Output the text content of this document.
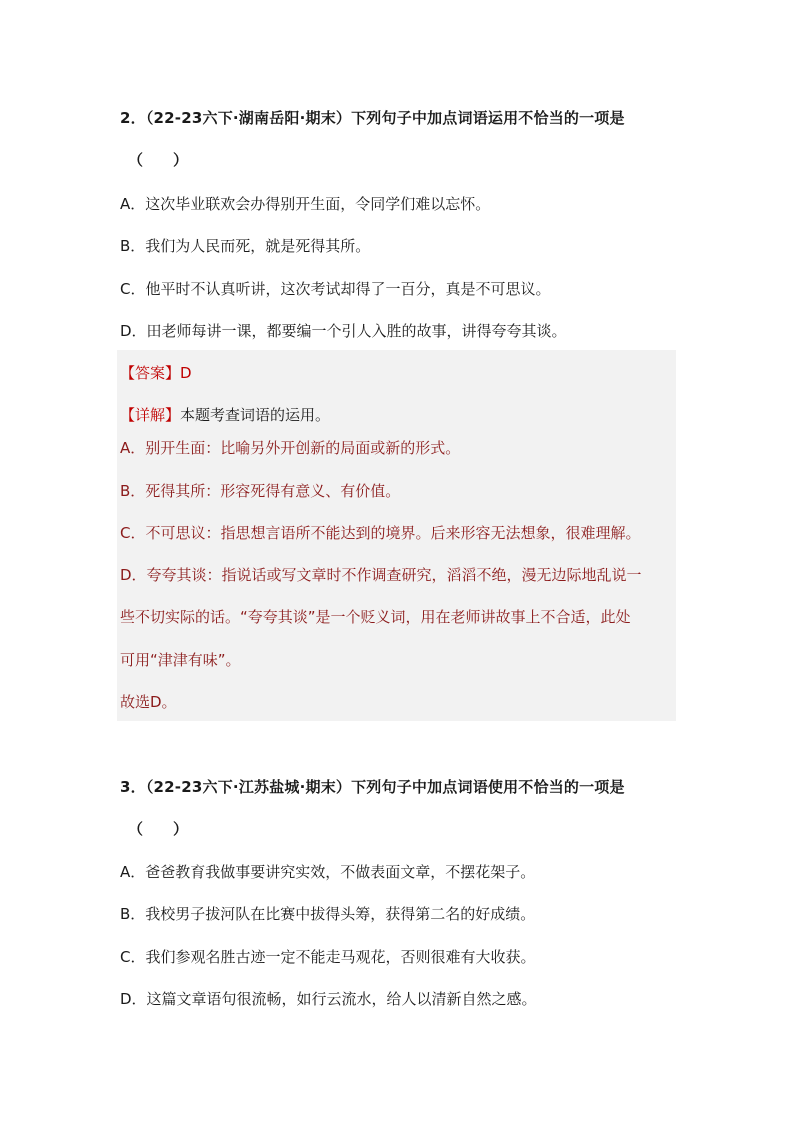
2．（22-23六下·湖南岳阳·期末）下列句子中加点词语运用不恰当的一项是
（　　）
A．这次毕业联欢会办得别开生面，令同学们难以忘怀。
B．我们为人民而死，就是死得其所。
C．他平时不认真听讲，这次考试却得了一百分，真是不可思议。
D．田老师每讲一课，都要编一个引人入胜的故事，讲得夸夸其谈。
【答案】D
【详解】本题考查词语的运用。
A．别开生面：比喻另外开创新的局面或新的形式。
B．死得其所：形容死得有意义、有价值。
C．不可思议：指思想言语所不能达到的境界。后来形容无法想象，很难理解。
D．夸夸其谈：指说话或写文章时不作调查研究，滔滔不绝，漫无边际地乱说一
些不切实际的话。“夸夸其谈”是一个贬义词，用在老师讲故事上不合适，此处
可用“津津有味”。
故选D。
3．（22-23六下·江苏盐城·期末）下列句子中加点词语使用不恰当的一项是
（　　）
A．爸爸教育我做事要讲究实效，不做表面文章，不摆花架子。
B．我校男子拔河队在比赛中拔得头筹，获得第二名的好成绩。
C．我们参观名胜古迹一定不能走马观花，否则很难有大收获。
D．这篇文章语句很流畅，如行云流水，给人以清新自然之感。
